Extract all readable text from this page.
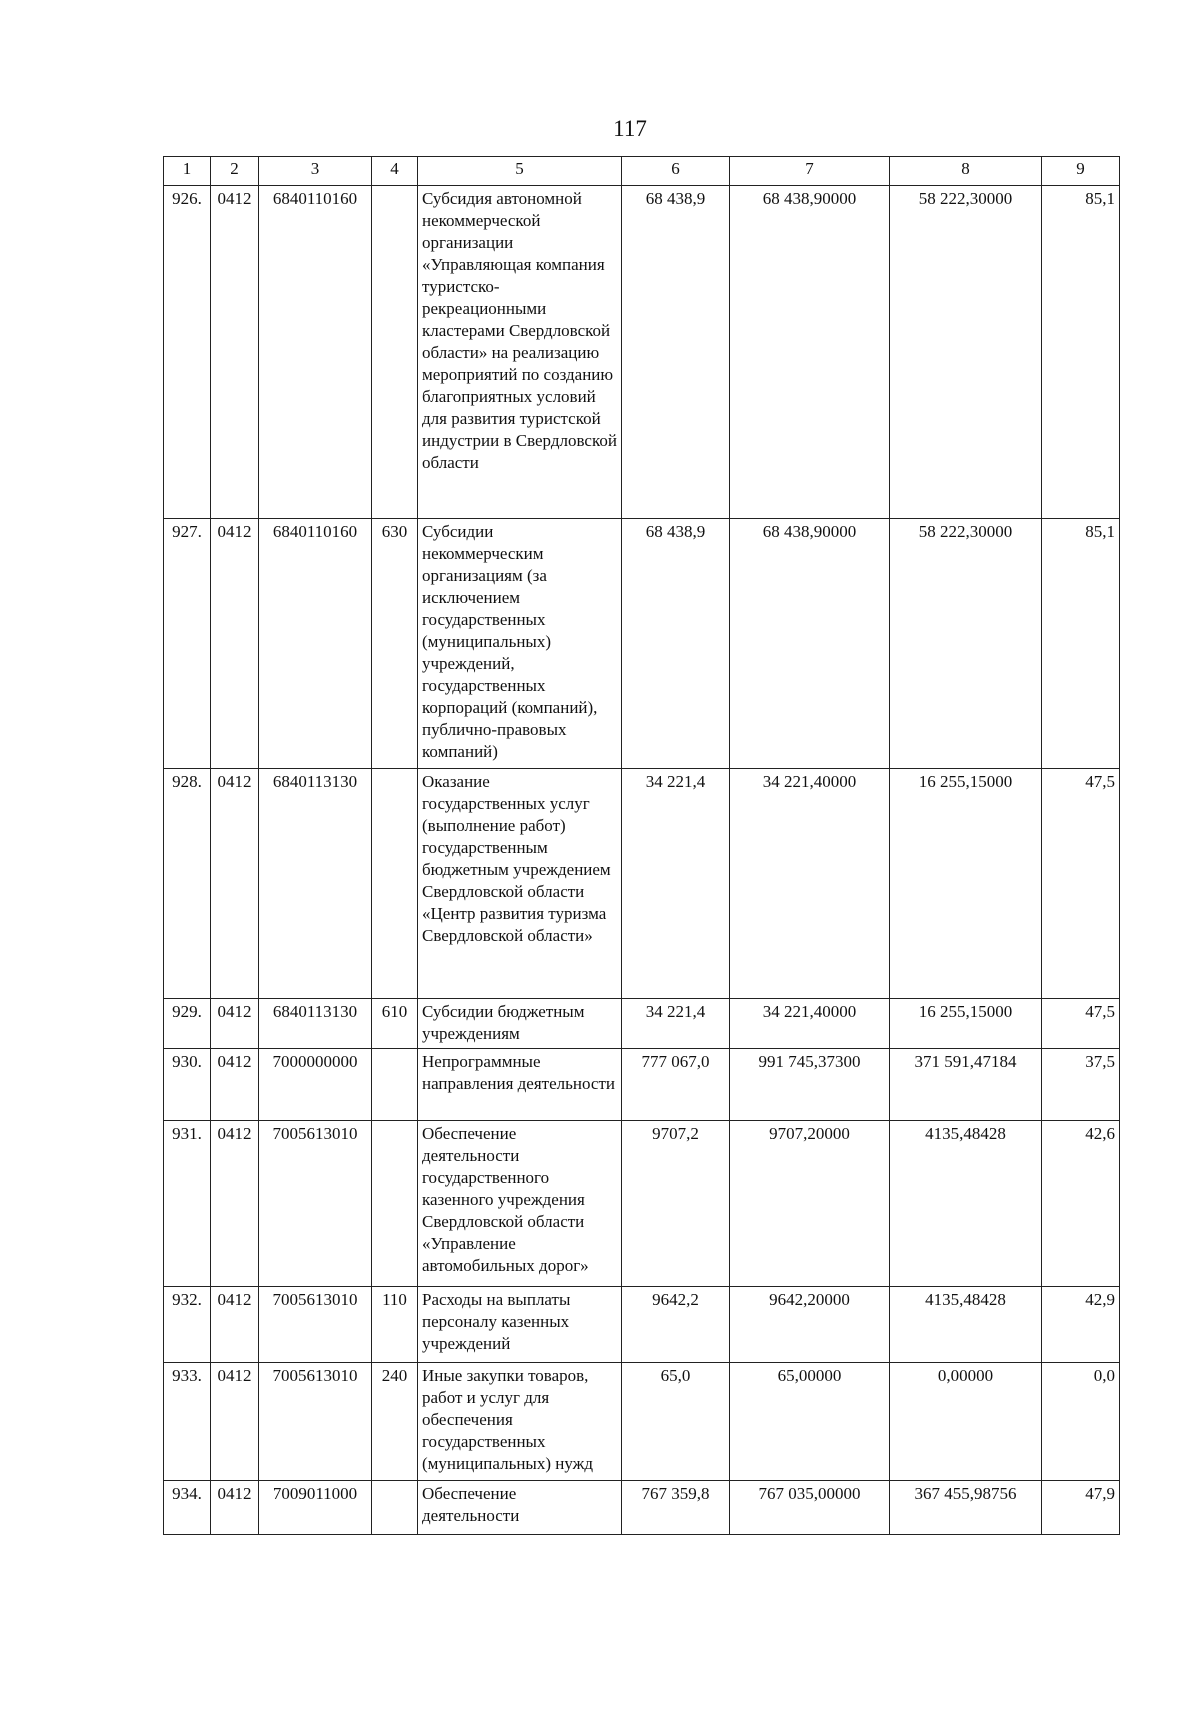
117
1	2	3	4	5	6	7	8	9
926.	0412	6840110160		Субсидия автономной некоммерческой организации «Управляющая компания туристско-рекреационными кластерами Свердловской области» на реализацию мероприятий по созданию благоприятных условий для развития туристской индустрии в Свердловской области	68 438,9	68 438,90000	58 222,30000	85,1
927.	0412	6840110160	630	Субсидии некоммерческим организациям (за исключением государственных (муниципальных) учреждений, государственных корпораций (компаний), публично-правовых компаний)	68 438,9	68 438,90000	58 222,30000	85,1
928.	0412	6840113130		Оказание государственных услуг (выполнение работ) государственным бюджетным учреждением Свердловской области «Центр развития туризма Свердловской области»	34 221,4	34 221,40000	16 255,15000	47,5
929.	0412	6840113130	610	Субсидии бюджетным учреждениям	34 221,4	34 221,40000	16 255,15000	47,5
930.	0412	7000000000		Непрограммные направления деятельности	777 067,0	991 745,37300	371 591,47184	37,5
931.	0412	7005613010		Обеспечение деятельности государственного казенного учреждения Свердловской области «Управление автомобильных дорог»	9707,2	9707,20000	4135,48428	42,6
932.	0412	7005613010	110	Расходы на выплаты персоналу казенных учреждений	9642,2	9642,20000	4135,48428	42,9
933.	0412	7005613010	240	Иные закупки товаров, работ и услуг для обеспечения государственных (муниципальных) нужд	65,0	65,00000	0,00000	0,0
934.	0412	7009011000		Обеспечение деятельности	767 359,8	767 035,00000	367 455,98756	47,9
